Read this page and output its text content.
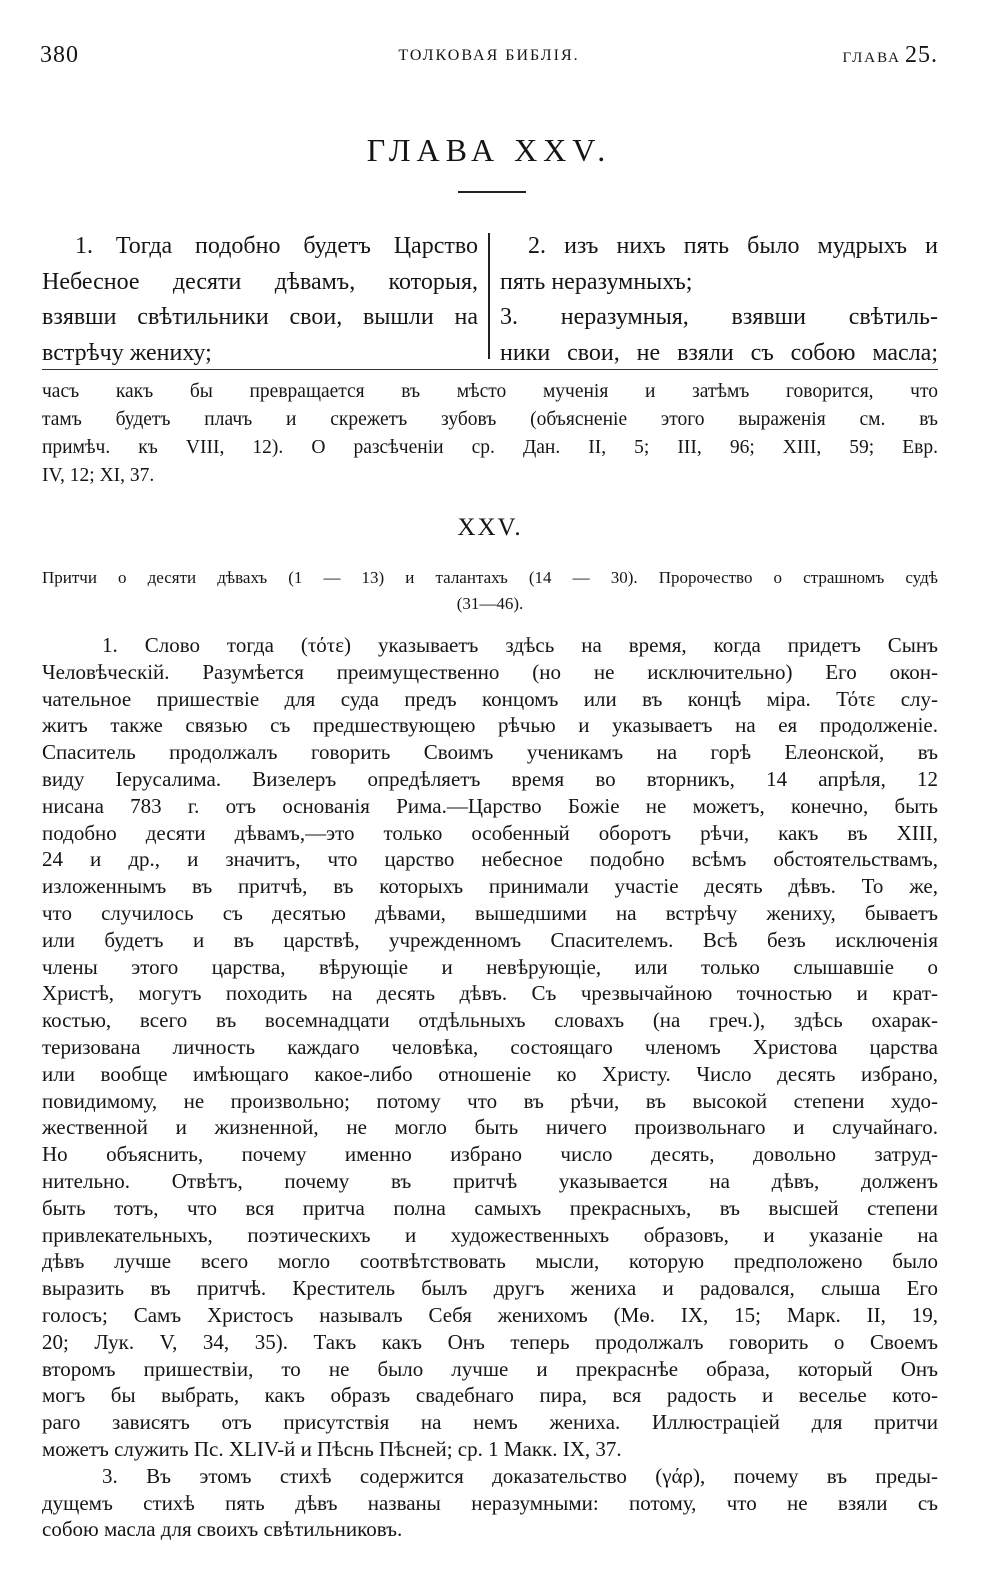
380	ТОЛКОВАЯ БИБЛІЯ.	ГЛАВА 25.
ГЛАВА XXV.
1. Тогда подобно будетъ Царство
Небесное десяти дѣвамъ, которыя,
взявши свѣтильники свои, вышли на
встрѣчу жениху;
2. изъ нихъ пять было мудрыхъ и
пять неразумныхъ;
3. неразумныя, взявши свѣтиль-
ники свои, не взяли съ собою масла;
часъ какъ бы превращается въ мѣсто мученія и затѣмъ говорится, что
тамъ будетъ плачъ и скрежетъ зубовъ (объясненіе этого выраженія см. въ
примѣч. къ VIII, 12). О разсѣченіи ср. Дан. II, 5; III, 96; XIII, 59; Евр.
IV, 12; XI, 37.
XXV.
Притчи о десяти дѣвахъ (1 — 13) и талантахъ (14 — 30). Пророчество о страшномъ судѣ
(31—46).
1. Слово тогда (τότε) указываетъ здѣсь на время, когда придетъ Сынъ
Человѣческій. Разумѣется преимущественно (но не исключительно) Его окон-
чательное пришествіе для суда предъ концомъ или въ концѣ міра. Τότε слу-
житъ также связью съ предшествующею рѣчью и указываетъ на ея продолженіе.
Спаситель продолжалъ говорить Своимъ ученикамъ на горѣ Елеонской, въ
виду Іерусалима. Визелеръ опредѣляетъ время во вторникъ, 14 апрѣля, 12
нисана 783 г. отъ основанія Рима.—Царство Божіе не можетъ, конечно, быть
подобно десяти дѣвамъ,—это только особенный оборотъ рѣчи, какъ въ XIII,
24 и др., и значитъ, что царство небесное подобно всѣмъ обстоятельствамъ,
изложеннымъ въ притчѣ, въ которыхъ принимали участіе десять дѣвъ. То же,
что случилось съ десятью дѣвами, вышедшими на встрѣчу жениху, бываетъ
или будетъ и въ царствѣ, учрежденномъ Спасителемъ. Всѣ безъ исключенія
члены этого царства, вѣрующіе и невѣрующіе, или только слышавшіе о
Христѣ, могутъ походить на десять дѣвъ. Съ чрезвычайною точностью и крат-
костью, всего въ восемнадцати отдѣльныхъ словахъ (на греч.), здѣсь охарак-
теризована личность каждаго человѣка, состоящаго членомъ Христова царства
или вообще имѣющаго какое-либо отношеніе ко Христу. Число десять избрано,
повидимому, не произвольно; потому что въ рѣчи, въ высокой степени худо-
жественной и жизненной, не могло быть ничего произвольнаго и случайнаго.
Но объяснить, почему именно избрано число десять, довольно затруд-
нительно. Отвѣтъ, почему въ притчѣ указывается на дѣвъ, долженъ
быть тотъ, что вся притча полна самыхъ прекрасныхъ, въ высшей степени
привлекательныхъ, поэтическихъ и художественныхъ образовъ, и указаніе на
дѣвъ лучше всего могло соотвѣтствовать мысли, которую предположено было
выразить въ притчѣ. Креститель былъ другъ жениха и радовался, слыша Его
голосъ; Самъ Христосъ называлъ Себя женихомъ (Мѳ. IX, 15; Марк. II, 19,
20; Лук. V, 34, 35). Такъ какъ Онъ теперь продолжалъ говорить о Своемъ
второмъ пришествіи, то не было лучше и прекраснѣе образа, который Онъ
могъ бы выбрать, какъ образъ свадебнаго пира, вся радость и веселье кото-
раго зависятъ отъ присутствія на немъ жениха. Иллюстраціей для притчи
можетъ служить Пс. XLIV-й и Пѣснь Пѣсней; ср. 1 Макк. IX, 37.
3. Въ этомъ стихѣ содержится доказательство (γάρ), почему въ преды-
дущемъ стихѣ пять дѣвъ названы неразумными: потому, что не взяли съ
собою масла для своихъ свѣтильниковъ.
